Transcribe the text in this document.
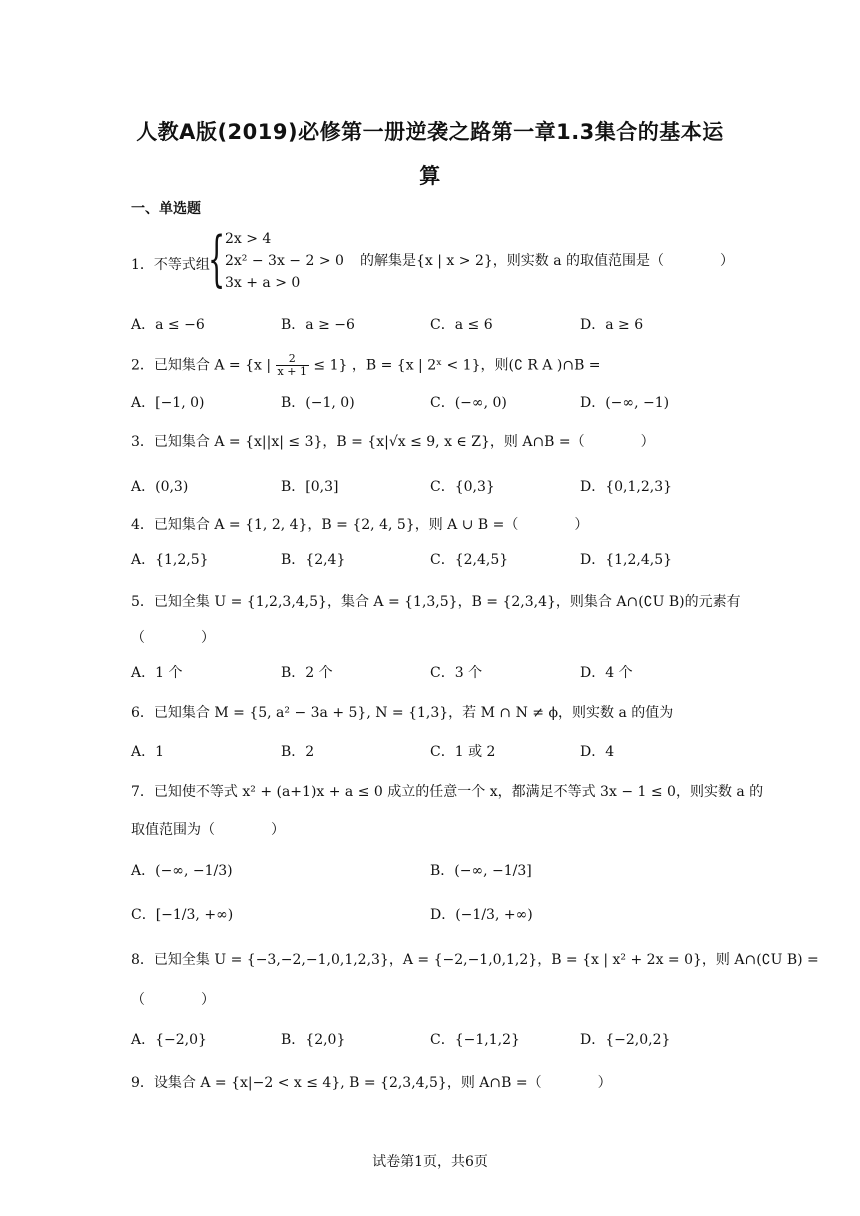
人教A版(2019)必修第一册逆袭之路第一章1.3集合的基本运
算
一、单选题
1．不等式组
{ 2x > 4
2x² − 3x − 2 > 0
3x + a > 0
的解集是{x | x > 2}，则实数 a 的取值范围是（　　　　）
A．a ≤ −6	B．a ≥ −6	C．a ≤ 6	D．a ≥ 6
2．已知集合 A = {x | $\frac{2}{x + 1} \le 1$} ，B = {x | 2ˣ < 1}，则(∁ R A )∩B =
A．[−1, 0)	B．(−1, 0)	C．(−∞, 0)	D．(−∞, −1)
3．已知集合 A = {x||x| ≤ 3}，B = {x|√x ≤ 9, x ∈ Z}，则 A∩B =（　　　　）
A．(0,3)	B．[0,3]	C．{0,3}	D．{0,1,2,3}
4．已知集合 A = {1, 2, 4}，B = {2, 4, 5}，则 A ∪ B =（　　　　）
A．{1,2,5}	B．{2,4}	C．{2,4,5}	D．{1,2,4,5}
5．已知全集 U = {1,2,3,4,5}，集合 A = {1,3,5}，B = {2,3,4}，则集合 A∩(∁U B)的元素有
（　　　　）
A．1 个	B．2 个	C．3 个	D．4 个
6．已知集合 M = {5, a² − 3a + 5}, N = {1,3}，若 M ∩ N ≠ ϕ，则实数 a 的值为
A．1	B．2	C．1 或 2	D．4
7．已知使不等式 x² + (a+1)x + a ≤ 0 成立的任意一个 x，都满足不等式 3x − 1 ≤ 0，则实数 a 的
取值范围为（　　　　）
A．(−∞, −1/3)	B．(−∞, −1/3]
C．[−1/3, +∞)	D．(−1/3, +∞)
8．已知全集 U = {−3,−2,−1,0,1,2,3}，A = {−2,−1,0,1,2}，B = {x | x² + 2x = 0}，则 A∩(∁U B) =
（　　　　）
A．{−2,0}	B．{2,0}	C．{−1,1,2}	D．{−2,0,2}
9．设集合 A = {x|−2 < x ≤ 4}, B = {2,3,4,5}，则 A∩B =（　　　　）
试卷第1页，共6页
